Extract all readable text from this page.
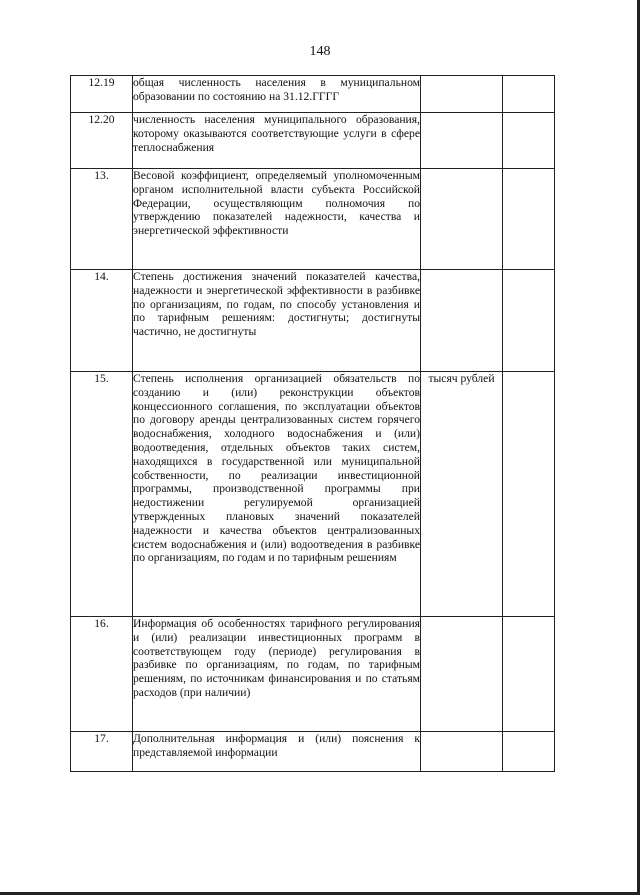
148
12.19	общая численность населения в муниципальном образовании по состоянию на 31.12.ГГГГ		
12.20	численность населения муниципального образования, которому оказываются соответствующие услуги в сфере теплоснабжения		
13.	Весовой коэффициент, определяемый уполномоченным органом исполнительной власти субъекта Российской Федерации, осуществляющим полномочия по утверждению показателей надежности, качества и энергетической эффективности		
14.	Степень достижения значений показателей качества, надежности и энергетической эффективности в разбивке по организациям, по годам, по способу установления и по тарифным решениям: достигнуты; достигнуты частично, не достигнуты		
15.	Степень исполнения организацией обязательств по созданию и (или) реконструкции объектов концессионного соглашения, по эксплуатации объектов по договору аренды централизованных систем горячего водоснабжения, холодного водоснабжения и (или) водоотведения, отдельных объектов таких систем, находящихся в государственной или муниципальной собственности, по реализации инвестиционной программы, производственной программы при недостижении регулируемой организацией утвержденных плановых значений показателей надежности и качества объектов централизованных систем водоснабжения и (или) водоотведения в разбивке по организациям, по годам и по тарифным решениям	тысяч рублей	
16.	Информация об особенностях тарифного регулирования и (или) реализации инвестиционных программ в соответствующем году (периоде) регулирования в разбивке по организациям, по годам, по тарифным решениям, по источникам финансирования и по статьям расходов (при наличии)		
17.	Дополнительная информация и (или) пояснения к представляемой информации		
